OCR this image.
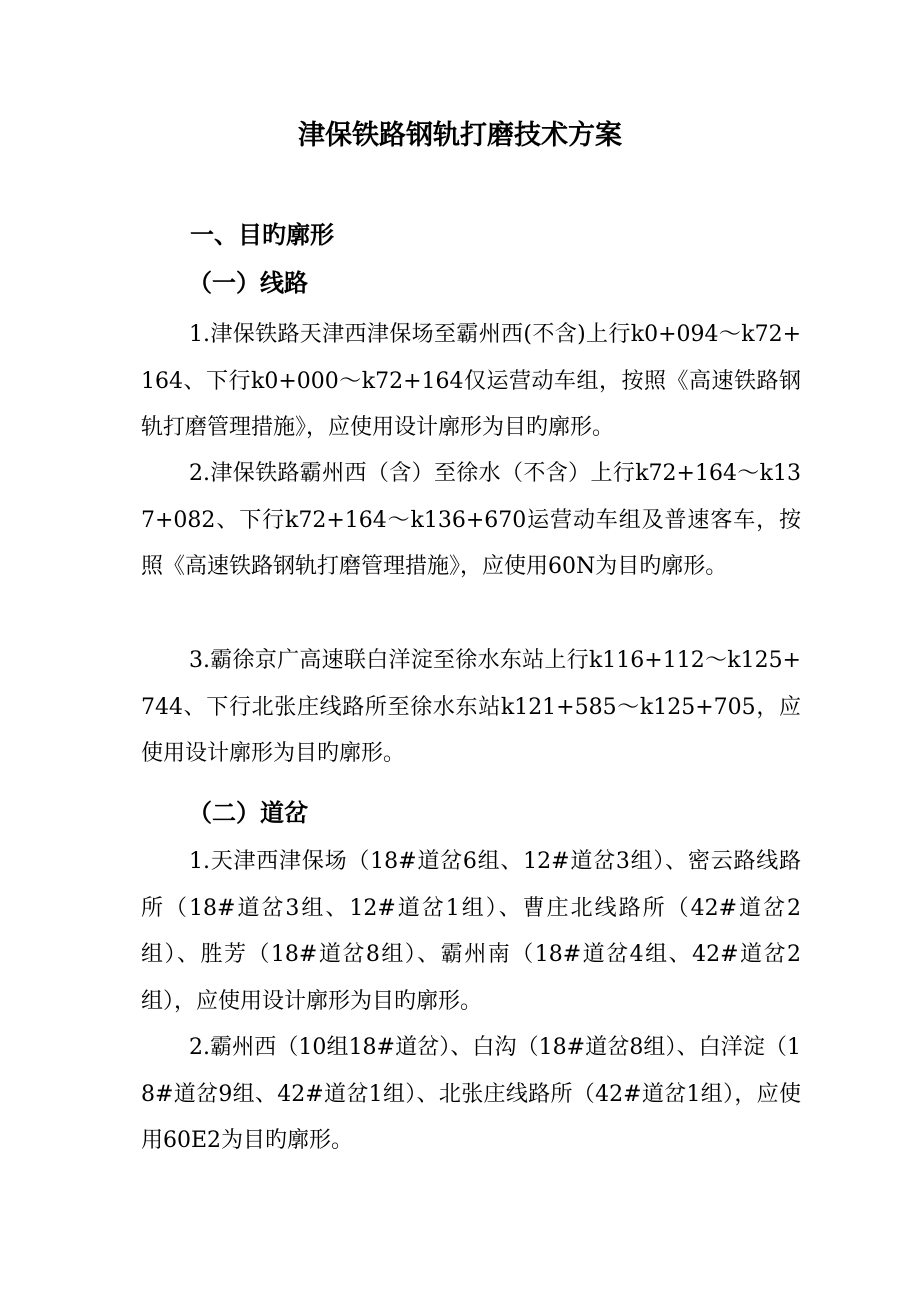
津保铁路钢轨打磨技术方案
一、目旳廓形
（一）线路

1.津保铁路天津西津保场至霸州西(不含)上行k0+094～k72+164、下行k0+000～k72+164仅运营动车组，按照《高速铁路钢轨打磨管理措施》，应使用设计廓形为目旳廓形。

2.津保铁路霸州西（含）至徐水（不含）上行k72+164～k137+082、下行k72+164～k136+670运营动车组及普速客车，按照《高速铁路钢轨打磨管理措施》，应使用60N为目旳廓形。

3.霸徐京广高速联白洋淀至徐水东站上行k116+112～k125+744、下行北张庄线路所至徐水东站k121+585～k125+705，应使用设计廓形为目旳廓形。

（二）道岔

1.天津西津保场（18#道岔6组、12#道岔3组）、密云路线路所（18#道岔3组、12#道岔1组）、曹庄北线路所（42#道岔2组）、胜芳（18#道岔8组）、霸州南（18#道岔4组、42#道岔2组），应使用设计廓形为目旳廓形。

2.霸州西（10组18#道岔）、白沟（18#道岔8组）、白洋淀（18#道岔9组、42#道岔1组）、北张庄线路所（42#道岔1组），应使用60E2为目旳廓形。
